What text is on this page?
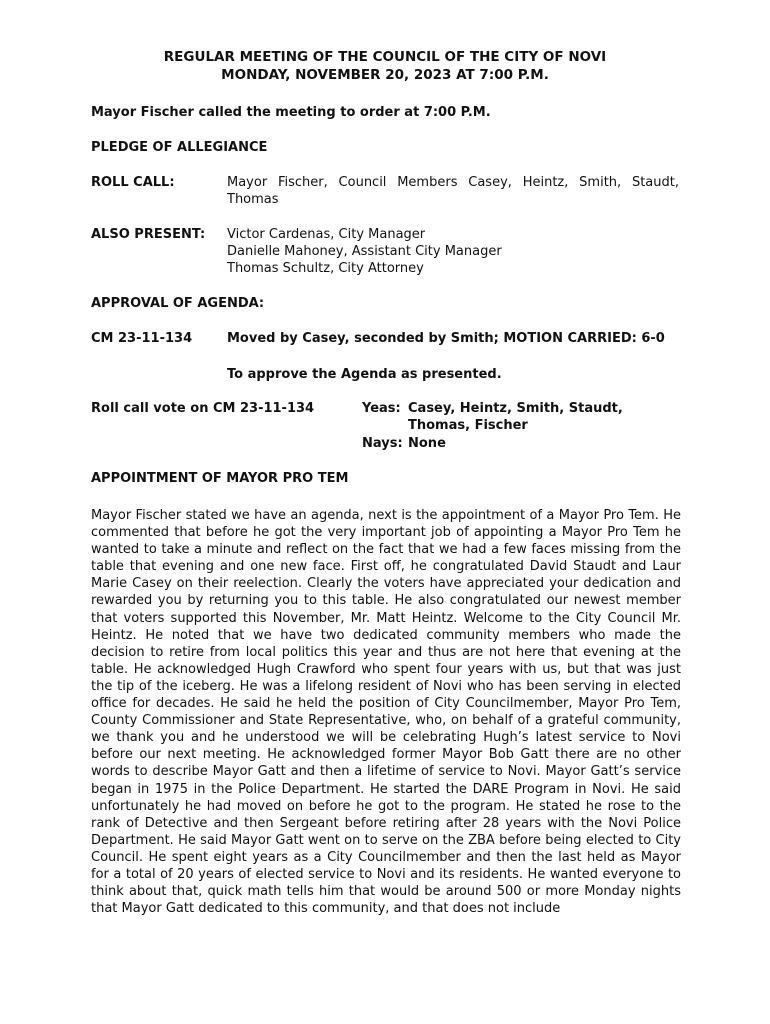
REGULAR MEETING OF THE COUNCIL OF THE CITY OF NOVI
MONDAY, NOVEMBER 20, 2023 AT 7:00 P.M.
Mayor Fischer called the meeting to order at 7:00 P.M.
PLEDGE OF ALLEGIANCE
ROLL CALL:	Mayor Fischer, Council Members Casey, Heintz, Smith, Staudt, Thomas
ALSO PRESENT: Victor Cardenas, City Manager
Danielle Mahoney, Assistant City Manager
Thomas Schultz, City Attorney
APPROVAL OF AGENDA:
CM 23-11-134	Moved by Casey, seconded by Smith; MOTION CARRIED: 6-0
To approve the Agenda as presented.
Roll call vote on CM 23-11-134	Yeas: Casey, Heintz, Smith, Staudt, Thomas, Fischer
Nays: None
APPOINTMENT OF MAYOR PRO TEM
Mayor Fischer stated we have an agenda, next is the appointment of a Mayor Pro Tem. He commented that before he got the very important job of appointing a Mayor Pro Tem he wanted to take a minute and reflect on the fact that we had a few faces missing from the table that evening and one new face. First off, he congratulated David Staudt and Laur Marie Casey on their reelection. Clearly the voters have appreciated your dedication and rewarded you by returning you to this table. He also congratulated our newest member that voters supported this November, Mr. Matt Heintz. Welcome to the City Council Mr. Heintz. He noted that we have two dedicated community members who made the decision to retire from local politics this year and thus are not here that evening at the table. He acknowledged Hugh Crawford who spent four years with us, but that was just the tip of the iceberg. He was a lifelong resident of Novi who has been serving in elected office for decades. He said he held the position of City Councilmember, Mayor Pro Tem, County Commissioner and State Representative, who, on behalf of a grateful community, we thank you and he understood we will be celebrating Hugh’s latest service to Novi before our next meeting. He acknowledged former Mayor Bob Gatt there are no other words to describe Mayor Gatt and then a lifetime of service to Novi. Mayor Gatt’s service began in 1975 in the Police Department. He started the DARE Program in Novi. He said unfortunately he had moved on before he got to the program. He stated he rose to the rank of Detective and then Sergeant before retiring after 28 years with the Novi Police Department. He said Mayor Gatt went on to serve on the ZBA before being elected to City Council. He spent eight years as a City Councilmember and then the last held as Mayor for a total of 20 years of elected service to Novi and its residents. He wanted everyone to think about that, quick math tells him that would be around 500 or more Monday nights that Mayor Gatt dedicated to this community, and that does not include
